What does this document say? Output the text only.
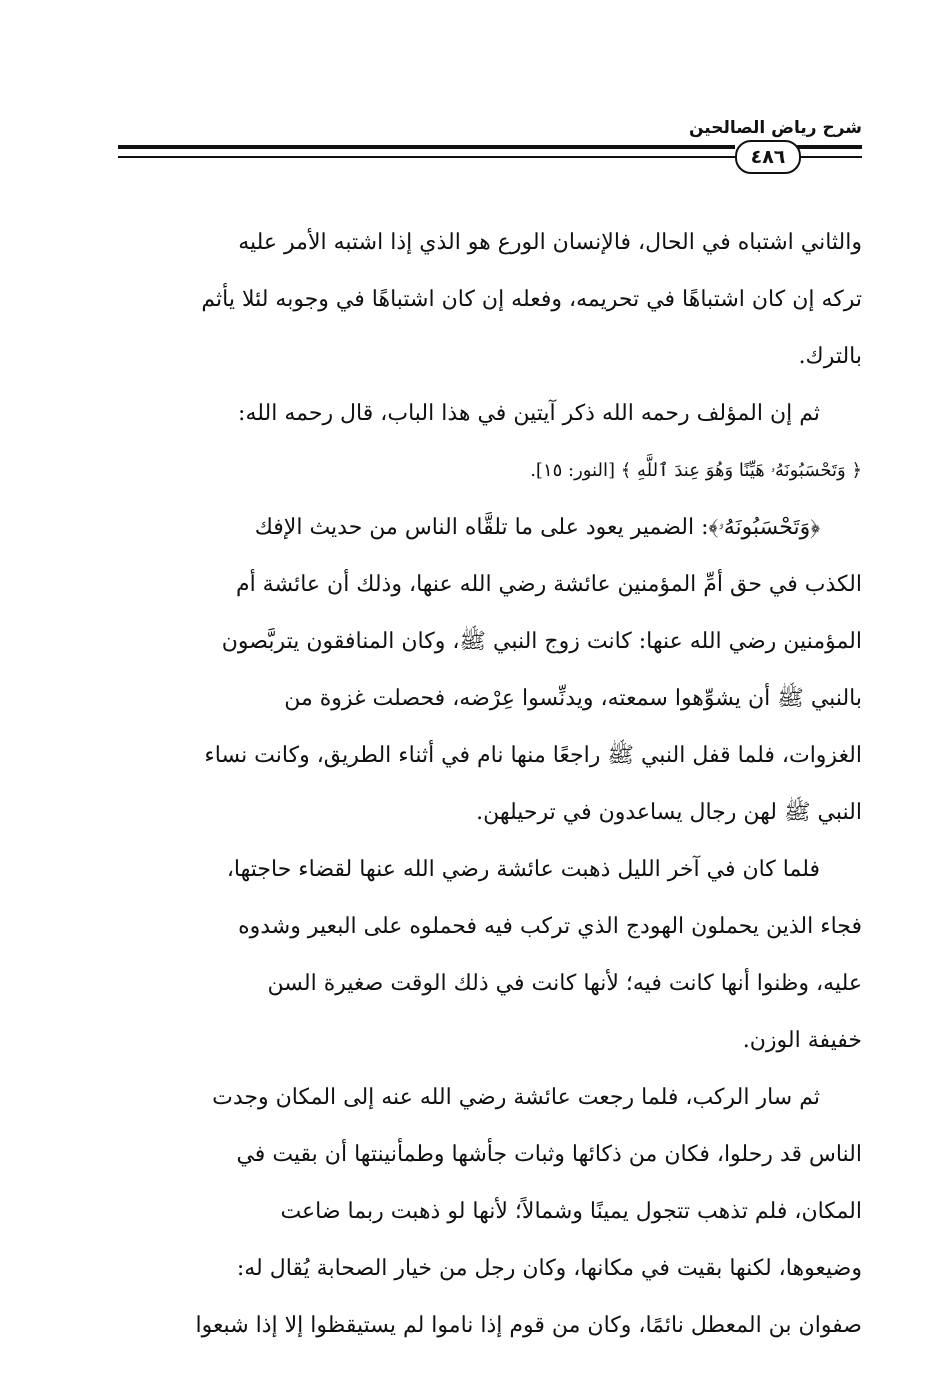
شرح رياض الصالحين
٤٨٦
والثاني اشتباه في الحال، فالإنسان الورع هو الذي إذا اشتبه الأمر عليه
تركه إن كان اشتباهًا في تحريمه، وفعله إن كان اشتباهًا في وجوبه لئلا يأثم
بالترك.
ثم إن المؤلف رحمه الله ذكر آيتين في هذا الباب، قال رحمه الله:
﴿ وَتَحْسَبُونَهُۥ هَيِّنًا وَهُوَ عِندَ ٱللَّهِ ﴾ [النور: ١٥].
﴿وَتَحْسَبُونَهُۥ﴾: الضمير يعود على ما تلقَّاه الناس من حديث الإفك
الكذب في حق أمِّ المؤمنين عائشة رضي الله عنها، وذلك أن عائشة أم
المؤمنين رضي الله عنها: كانت زوج النبي ﷺ، وكان المنافقون يتربَّصون
بالنبي ﷺ أن يشوِّهوا سمعته، ويدنِّسوا عِرْضه، فحصلت غزوة من
الغزوات، فلما قفل النبي ﷺ راجعًا منها نام في أثناء الطريق، وكانت نساء
النبي ﷺ لهن رجال يساعدون في ترحيلهن.
فلما كان في آخر الليل ذهبت عائشة رضي الله عنها لقضاء حاجتها،
فجاء الذين يحملون الهودج الذي تركب فيه فحملوه على البعير وشدوه
عليه، وظنوا أنها كانت فيه؛ لأنها كانت في ذلك الوقت صغيرة السن
خفيفة الوزن.
ثم سار الركب، فلما رجعت عائشة رضي الله عنه إلى المكان وجدت
الناس قد رحلوا، فكان من ذكائها وثبات جأشها وطمأنينتها أن بقيت في
المكان، فلم تذهب تتجول يمينًا وشمالاً؛ لأنها لو ذهبت ربما ضاعت
وضيعوها، لكنها بقيت في مكانها، وكان رجل من خيار الصحابة يُقال له:
صفوان بن المعطل نائمًا، وكان من قوم إذا ناموا لم يستيقظوا إلا إذا شبعوا
